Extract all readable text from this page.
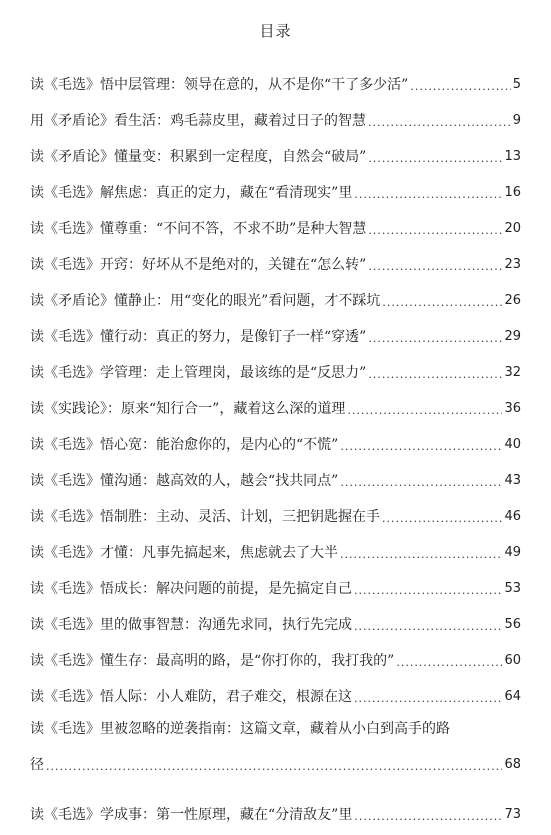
目录
读《毛选》悟中层管理：领导在意的，从不是你“干了多少活” .....	5
用《矛盾论》看生活：鸡毛蒜皮里，藏着过日子的智慧 .....	9
读《矛盾论》懂量变：积累到一定程度，自然会“破局” .....	13
读《毛选》解焦虑：真正的定力，藏在“看清现实”里 .....	16
读《毛选》懂尊重：“不问不答，不求不助”是种大智慧 .....	20
读《毛选》开窍：好坏从不是绝对的，关键在“怎么转” .....	23
读《矛盾论》懂静止：用“变化的眼光”看问题，才不踩坑 .....	26
读《毛选》懂行动：真正的努力，是像钉子一样“穿透” .....	29
读《毛选》学管理：走上管理岗，最该练的是“反思力” .....	32
读《实践论》：原来“知行合一”，藏着这么深的道理 .....	36
读《毛选》悟心宽：能治愈你的，是内心的“不慌” .....	40
读《毛选》懂沟通：越高效的人，越会“找共同点” .....	43
读《毛选》悟制胜：主动、灵活、计划，三把钥匙握在手 .....	46
读《毛选》才懂：凡事先搞起来，焦虑就去了大半 .....	49
读《毛选》悟成长：解决问题的前提，是先搞定自己 .....	53
读《毛选》里的做事智慧：沟通先求同，执行先完成 .....	56
读《毛选》懂生存：最高明的路，是“你打你的，我打我的” .....	60
读《毛选》悟人际：小人难防，君子难交，根源在这 .....	64
读《毛选》里被忽略的逆袭指南：这篇文章，藏着从小白到高手的路
径 .....	68
读《毛选》学成事：第一性原理，藏在“分清敌友”里 .....	73
